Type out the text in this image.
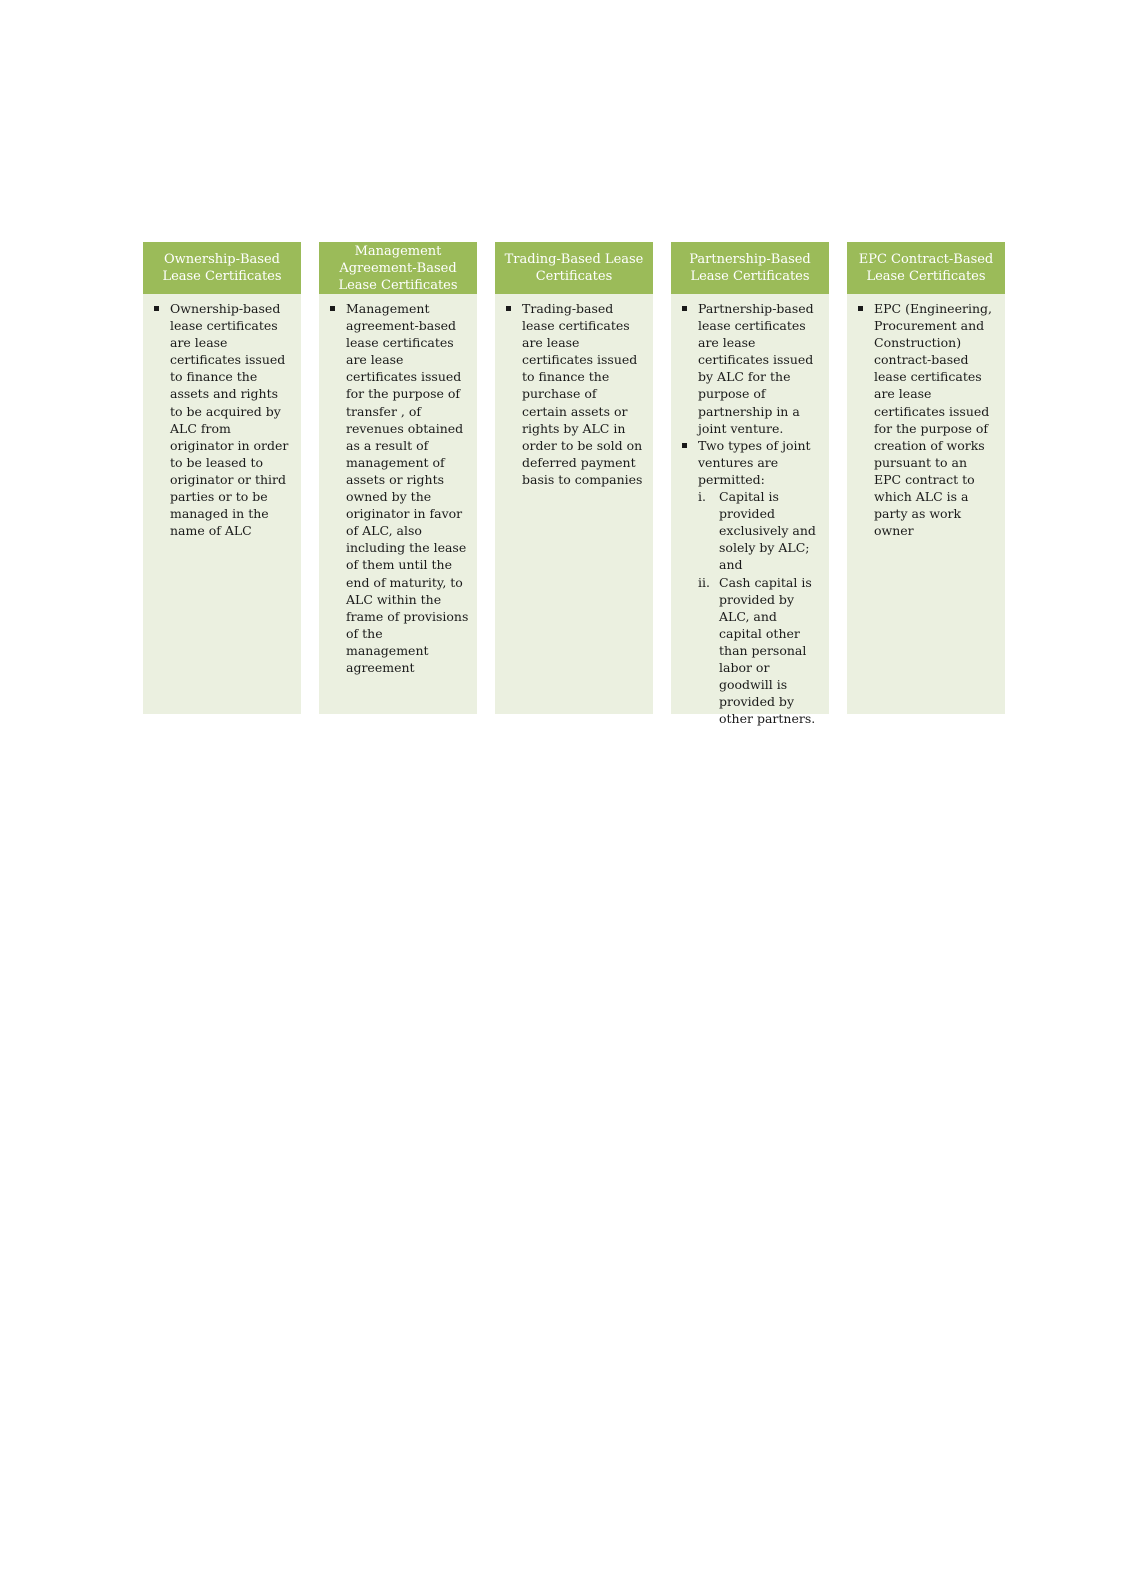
Ownership-Based Lease Certificates
Ownership-based lease certificates are lease certificates issued to finance the assets and rights to be acquired by ALC from originator in order to be leased to originator or third parties or to be managed in the name of ALC
Management Agreement-Based Lease Certificates
Management agreement-based lease certificates are lease certificates issued for the purpose of transfer , of revenues obtained as a result of management of assets or rights owned by the originator in favor of ALC, also including the lease of them until the end of maturity, to ALC within the frame of provisions of the management agreement
Trading-Based Lease Certificates
Trading-based lease certificates are lease certificates issued to finance the purchase of certain assets or rights by ALC in order to be sold on deferred payment basis to companies
Partnership-Based Lease Certificates
Partnership-based lease certificates are lease certificates issued by ALC for the purpose of partnership in a joint venture.
Two types of joint ventures are permitted:
i. Capital is provided exclusively and solely by ALC; and
ii. Cash capital is provided by ALC, and capital other than personal labor or goodwill is provided by other partners.
EPC Contract-Based Lease Certificates
EPC (Engineering, Procurement and Construction) contract-based lease certificates are lease certificates issued for the purpose of creation of works pursuant to an EPC contract to which ALC is a party as work owner
